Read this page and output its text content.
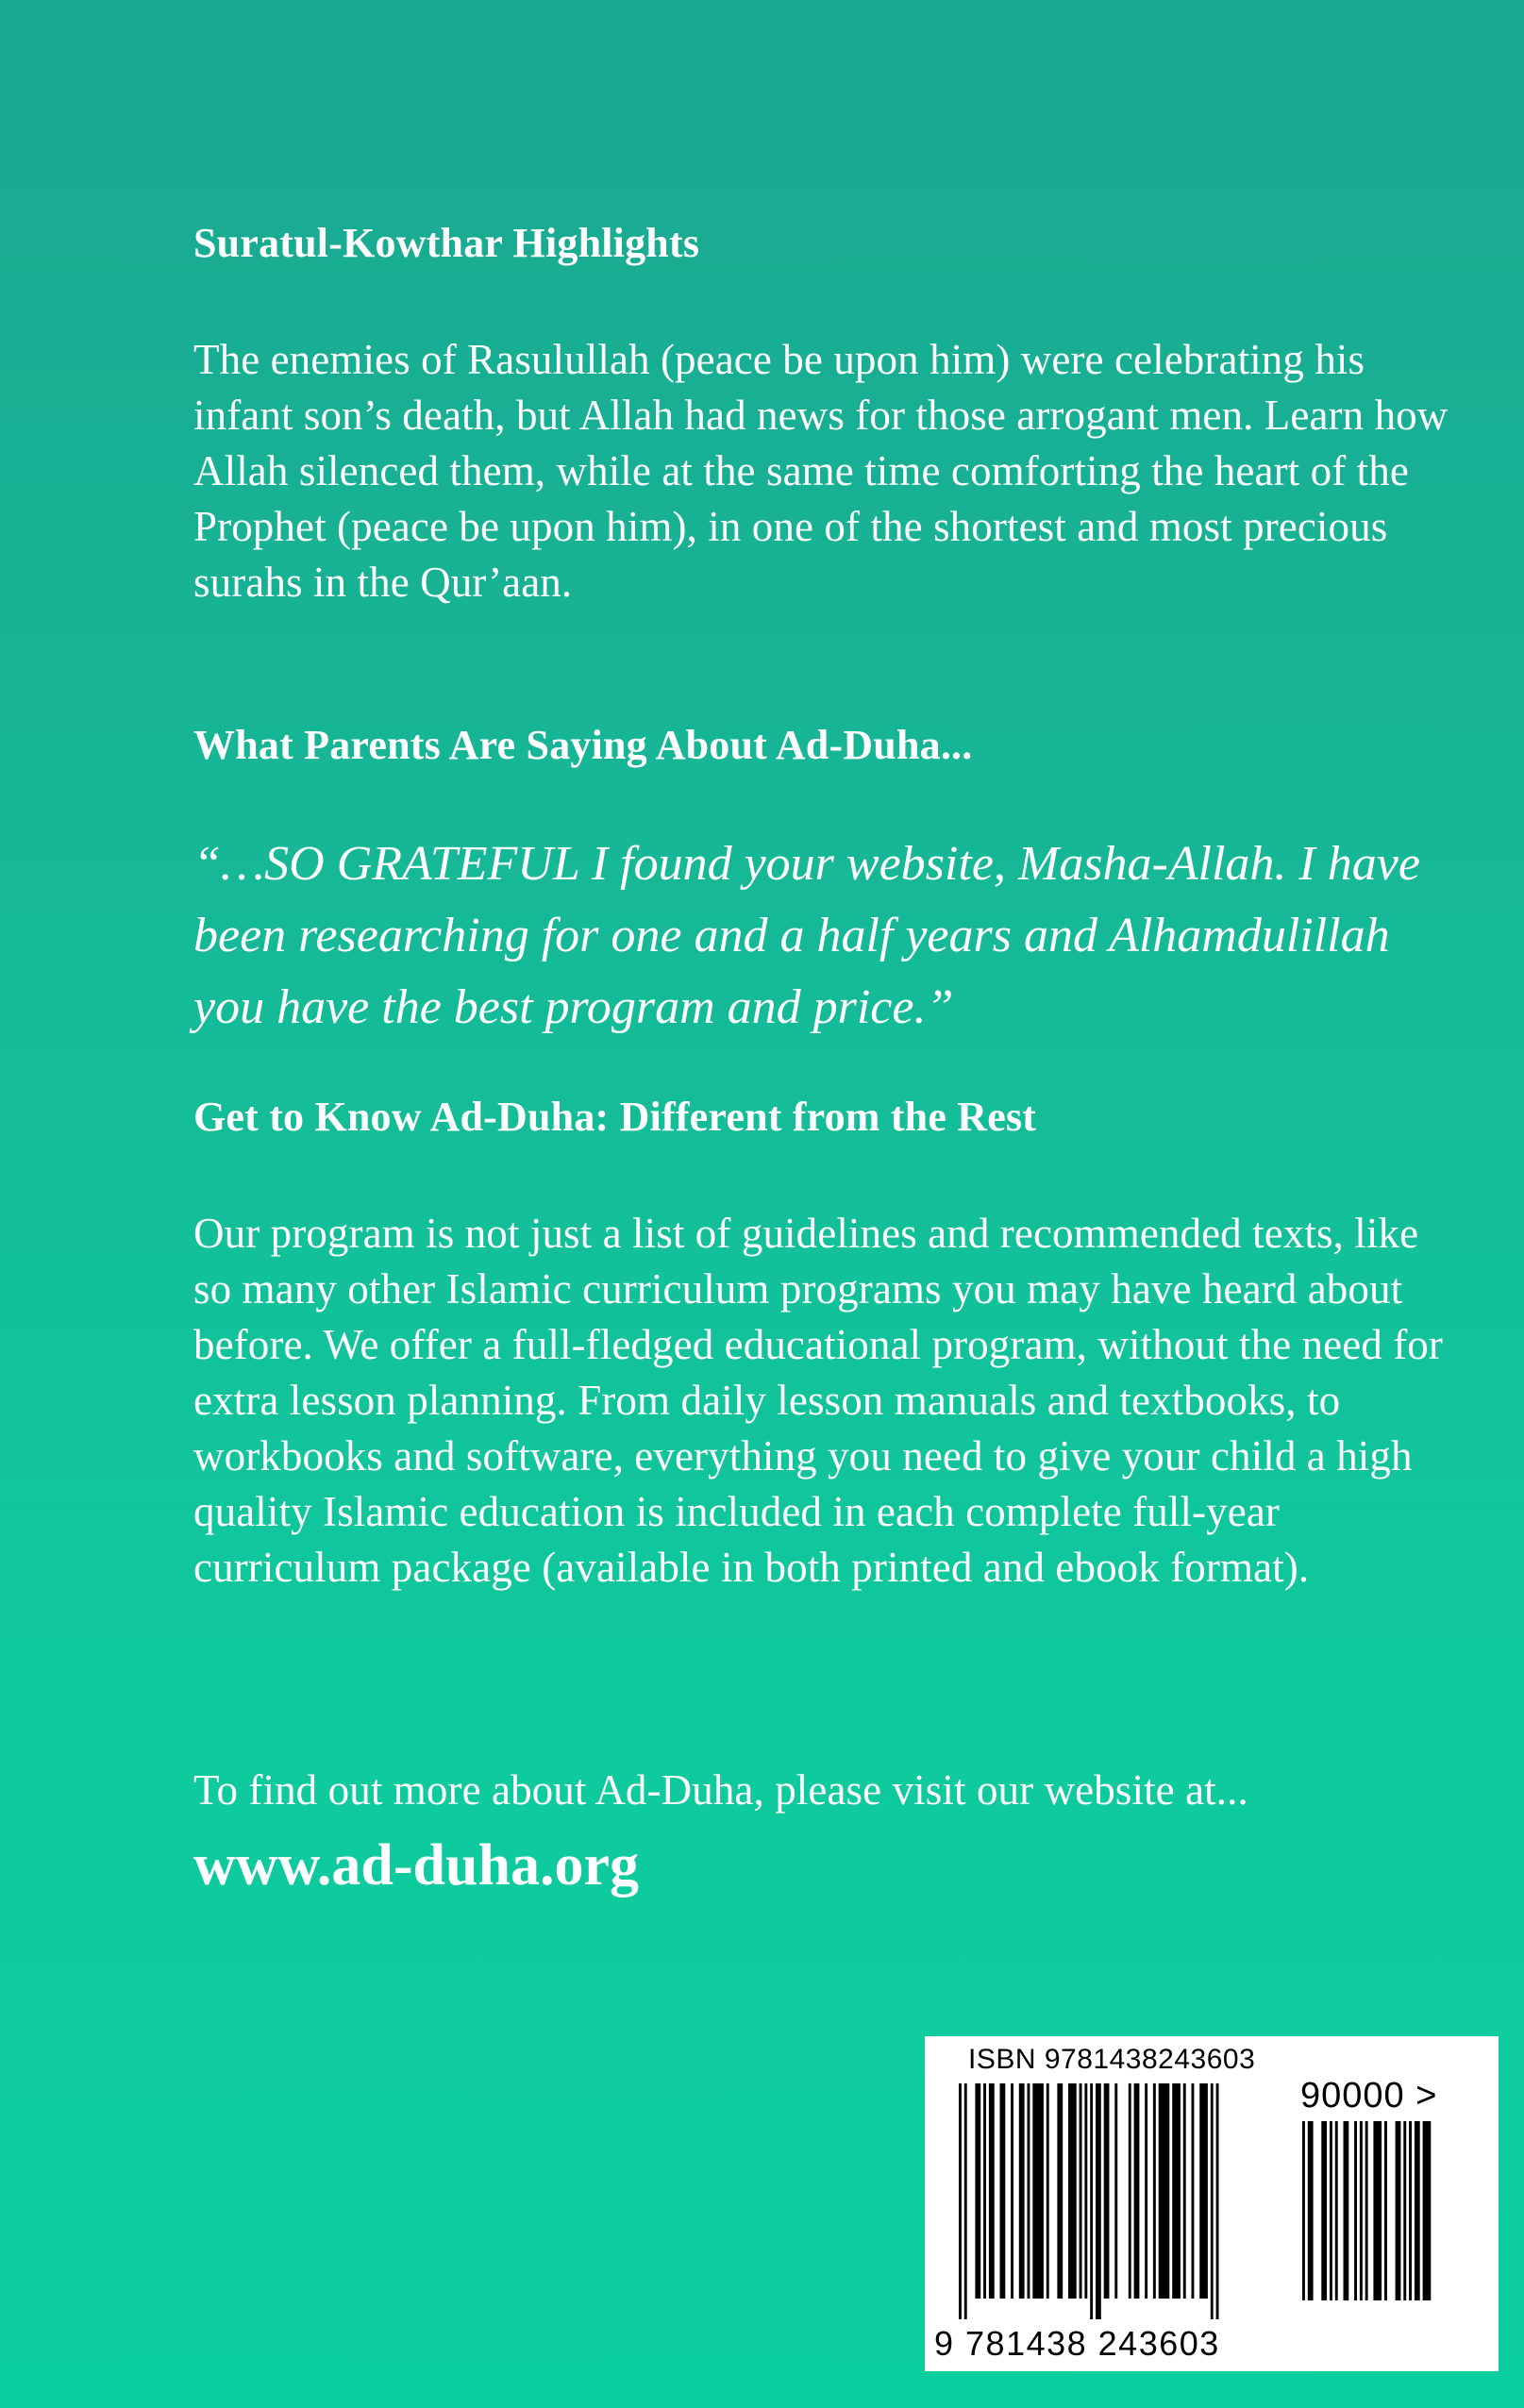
Suratul-Kowthar Highlights
The enemies of Rasulullah (peace be upon him) were celebrating his infant son’s death, but Allah had news for those arrogant men. Learn how Allah silenced them, while at the same time comforting the heart of the Prophet (peace be upon him), in one of the shortest and most precious surahs in the Qur’aan.
What Parents Are Saying About Ad-Duha...
“…SO GRATEFUL I found your website, Masha-Allah. I have been researching for one and a half years and Alhamdulillah you have the best program and price.”
Get to Know Ad-Duha: Different from the Rest
Our program is not just a list of guidelines and recommended texts, like so many other Islamic curriculum programs you may have heard about before. We offer a full-fledged educational program, without the need for extra lesson planning. From daily lesson manuals and textbooks, to workbooks and software, everything you need to give your child a high quality Islamic education is included in each complete full-year curriculum package (available in both printed and ebook format).
To find out more about Ad-Duha, please visit our website at...
www.ad-duha.org
ISBN 9781438243603
90000 >
9 781438 243603
